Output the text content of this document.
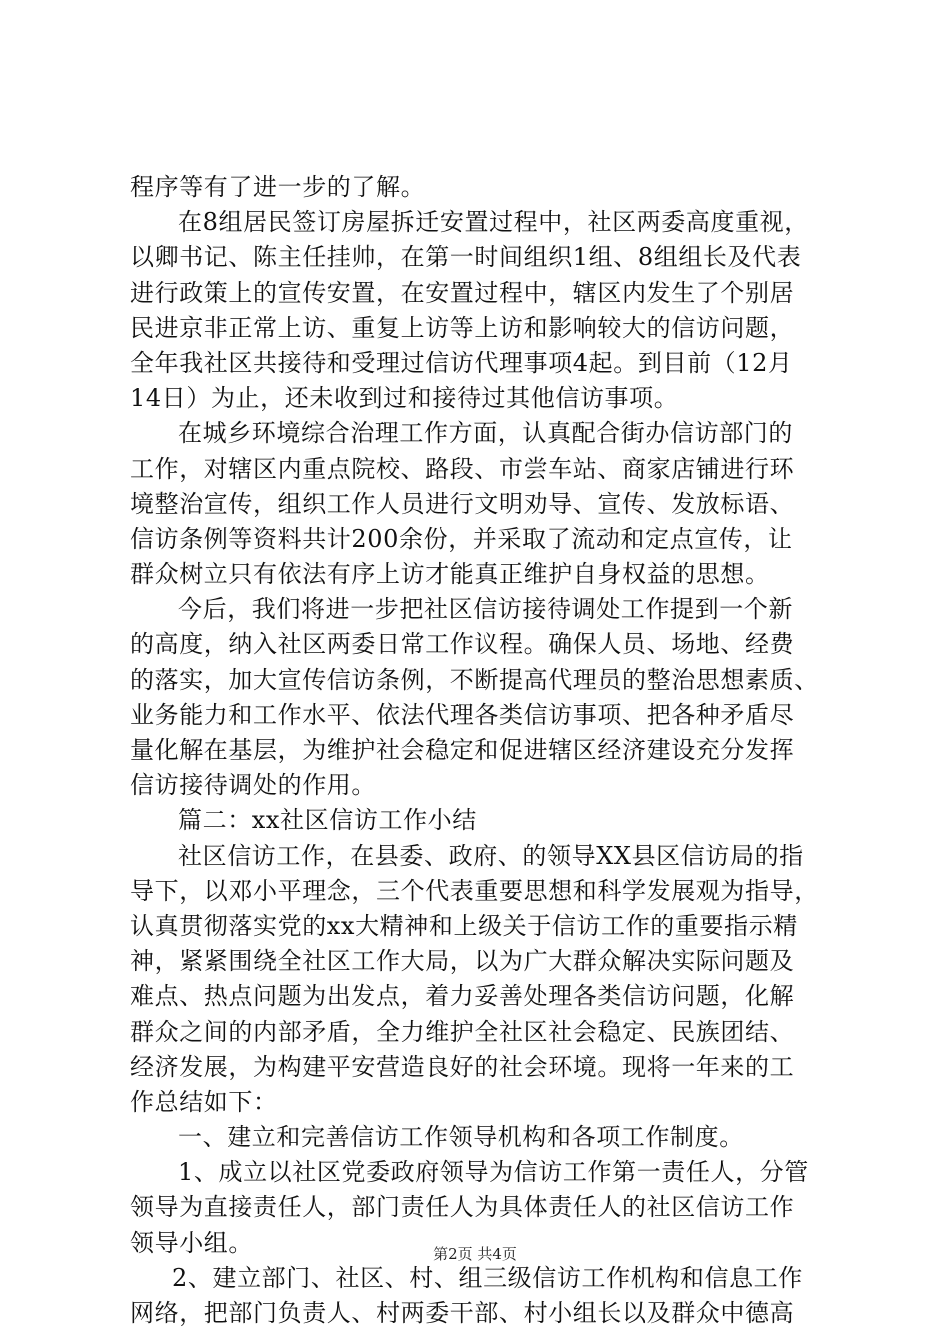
程序等有了进一步的了解。
在8组居民签订房屋拆迁安置过程中，社区两委高度重视，
以卿书记、陈主任挂帅，在第一时间组织1组、8组组长及代表
进行政策上的宣传安置，在安置过程中，辖区内发生了个别居
民进京非正常上访、重复上访等上访和影响较大的信访问题，
全年我社区共接待和受理过信访代理事项4起。到目前（12月
14日）为止，还未收到过和接待过其他信访事项。
在城乡环境综合治理工作方面，认真配合街办信访部门的
工作，对辖区内重点院校、路段、市尝车站、商家店铺进行环
境整治宣传，组织工作人员进行文明劝导、宣传、发放标语、
信访条例等资料共计200余份，并采取了流动和定点宣传，让
群众树立只有依法有序上访才能真正维护自身权益的思想。
今后，我们将进一步把社区信访接待调处工作提到一个新
的高度，纳入社区两委日常工作议程。确保人员、场地、经费
的落实，加大宣传信访条例，不断提高代理员的整治思想素质、
业务能力和工作水平、依法代理各类信访事项、把各种矛盾尽
量化解在基层，为维护社会稳定和促进辖区经济建设充分发挥
信访接待调处的作用。
篇二：xx社区信访工作小结
社区信访工作，在县委、政府、的领导XX县区信访局的指
导下，以邓小平理念，三个代表重要思想和科学发展观为指导，
认真贯彻落实党的xx大精神和上级关于信访工作的重要指示精
神，紧紧围绕全社区工作大局，以为广大群众解决实际问题及
难点、热点问题为出发点，着力妥善处理各类信访问题，化解
群众之间的内部矛盾，全力维护全社区社会稳定、民族团结、
经济发展，为构建平安营造良好的社会环境。现将一年来的工
作总结如下：
一、建立和完善信访工作领导机构和各项工作制度。
1、成立以社区党委政府领导为信访工作第一责任人，分管
领导为直接责任人，部门责任人为具体责任人的社区信访工作
领导小组。
2、建立部门、社区、村、组三级信访工作机构和信息工作
网络，把部门负责人、村两委干部、村小组长以及群众中德高
第2页 共4页
